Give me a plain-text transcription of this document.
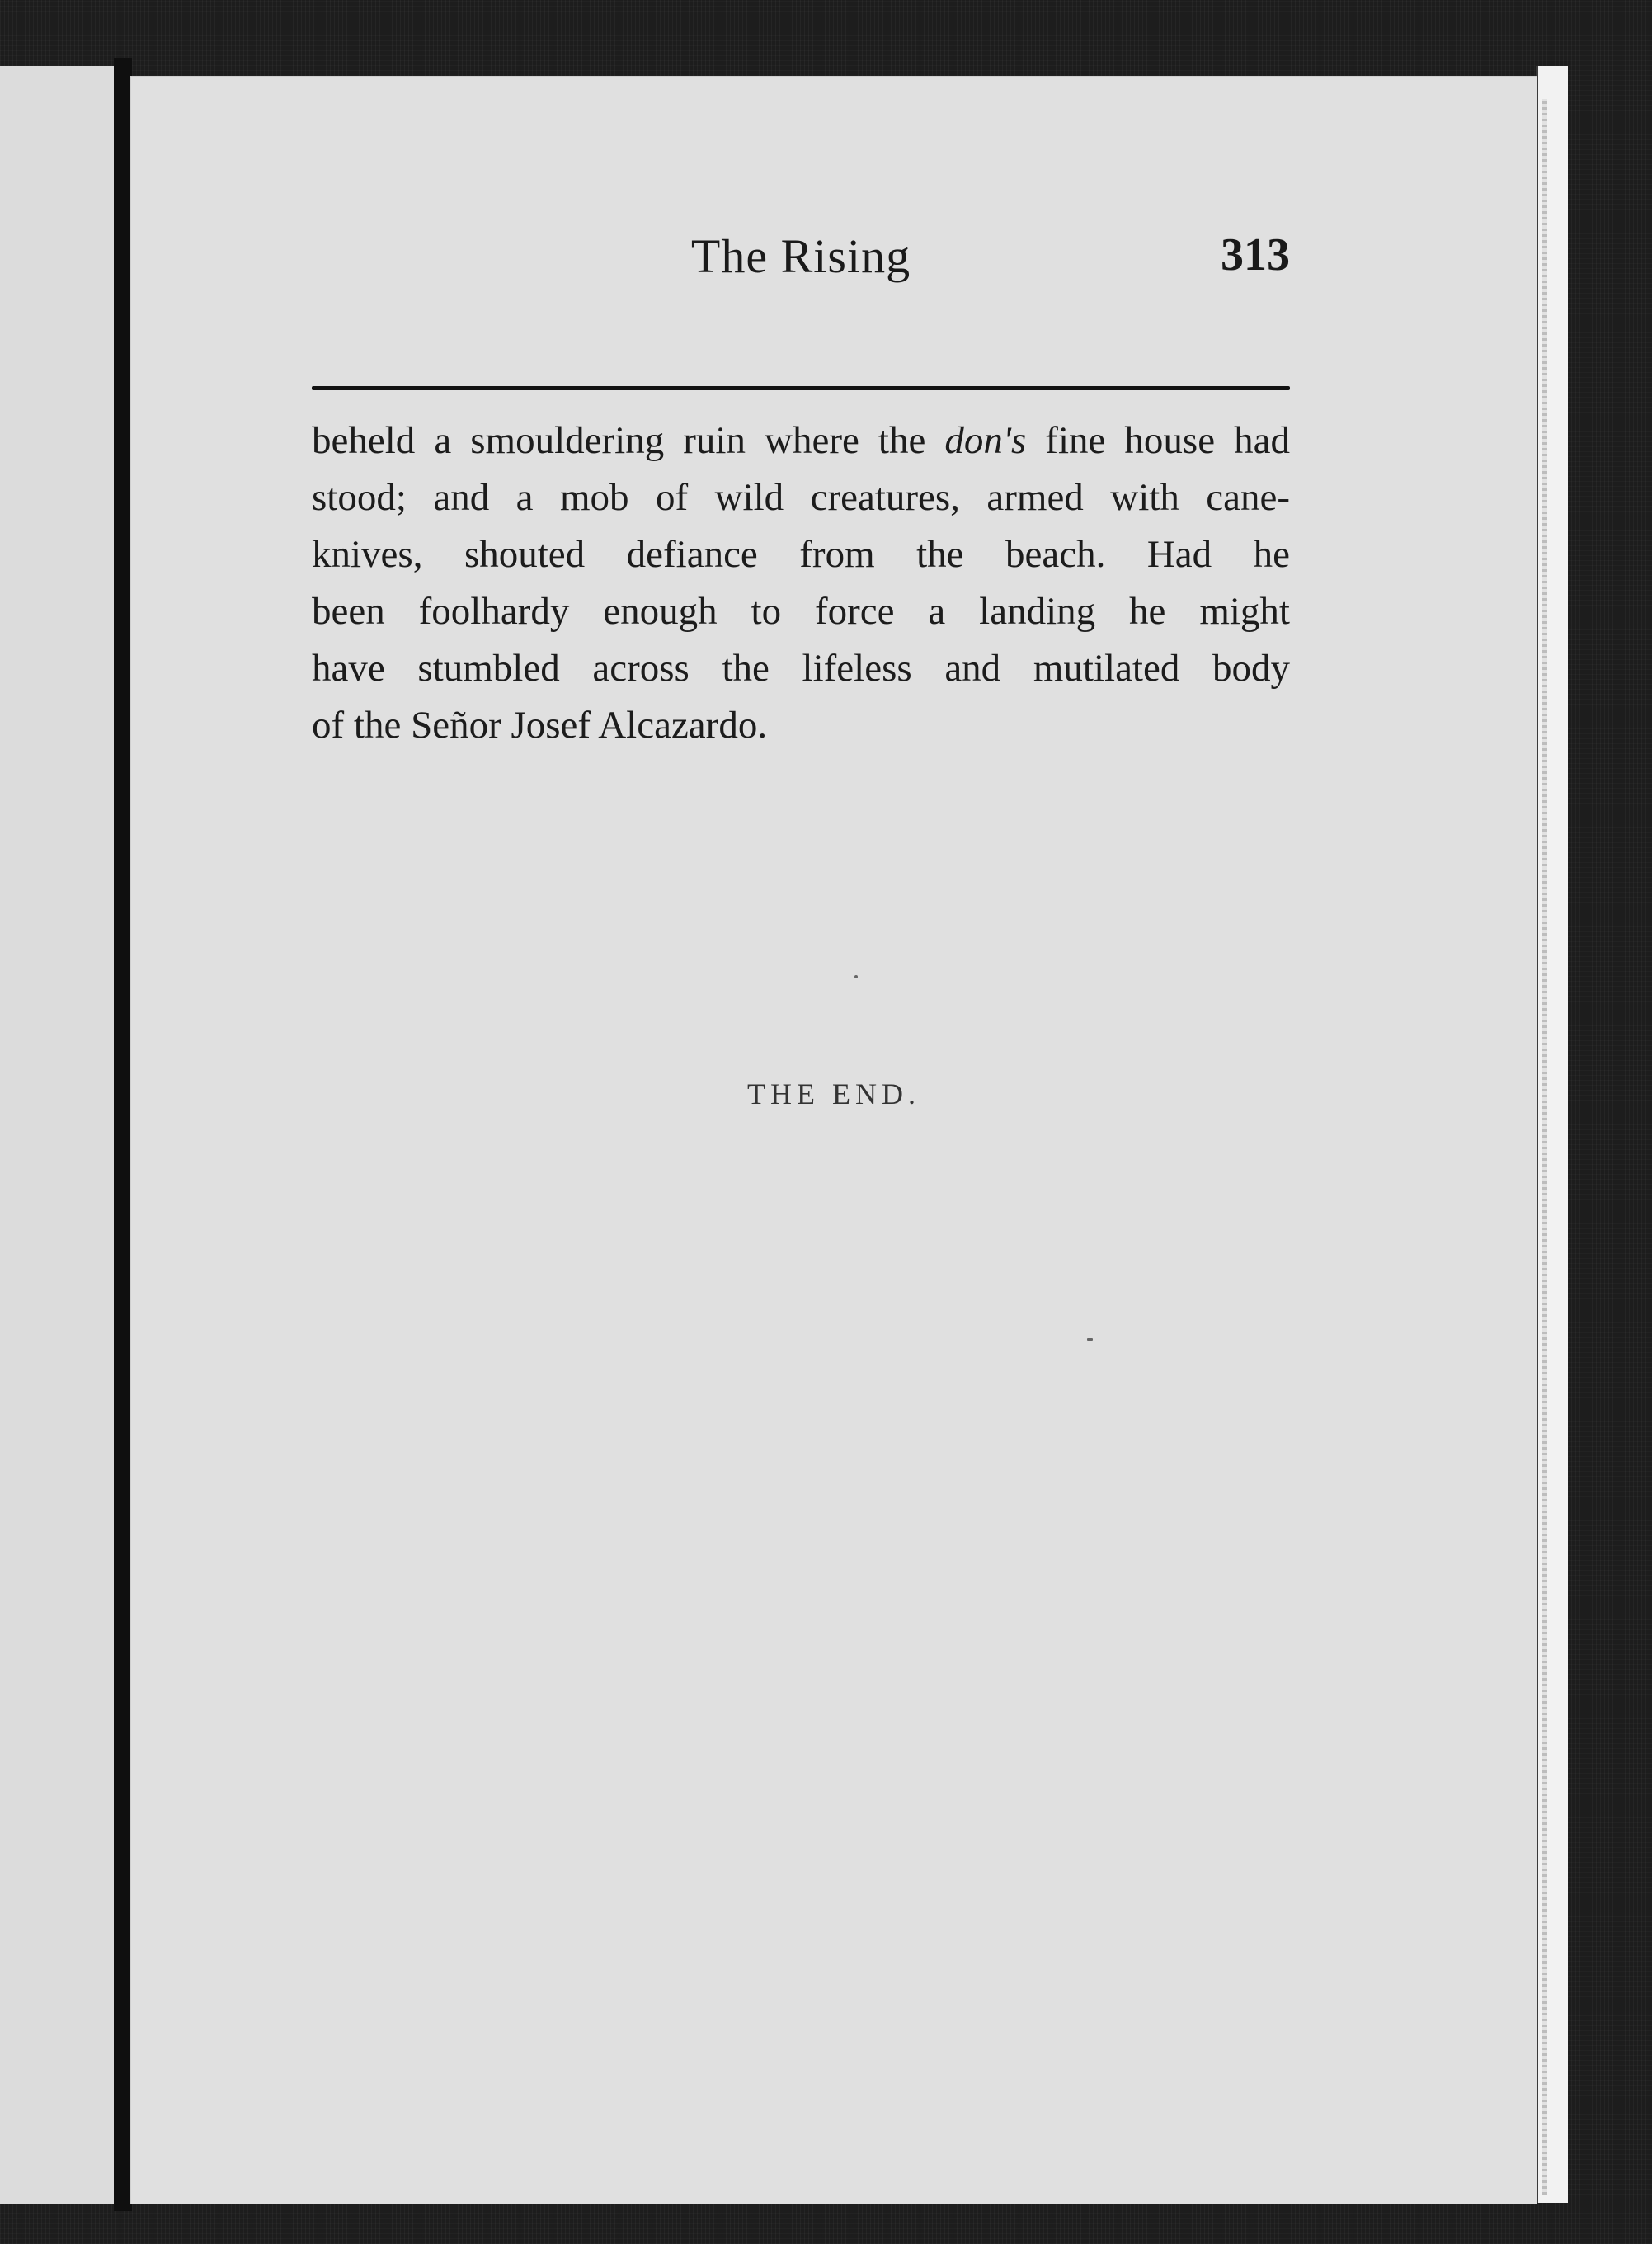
The Rising	313
beheld a smouldering ruin where the don's fine house had
stood; and a mob of wild creatures, armed with cane-
knives, shouted defiance from the beach. Had he
been foolhardy enough to force a landing he might
have stumbled across the lifeless and mutilated body
of the Señor Josef Alcazardo.
THE END.
